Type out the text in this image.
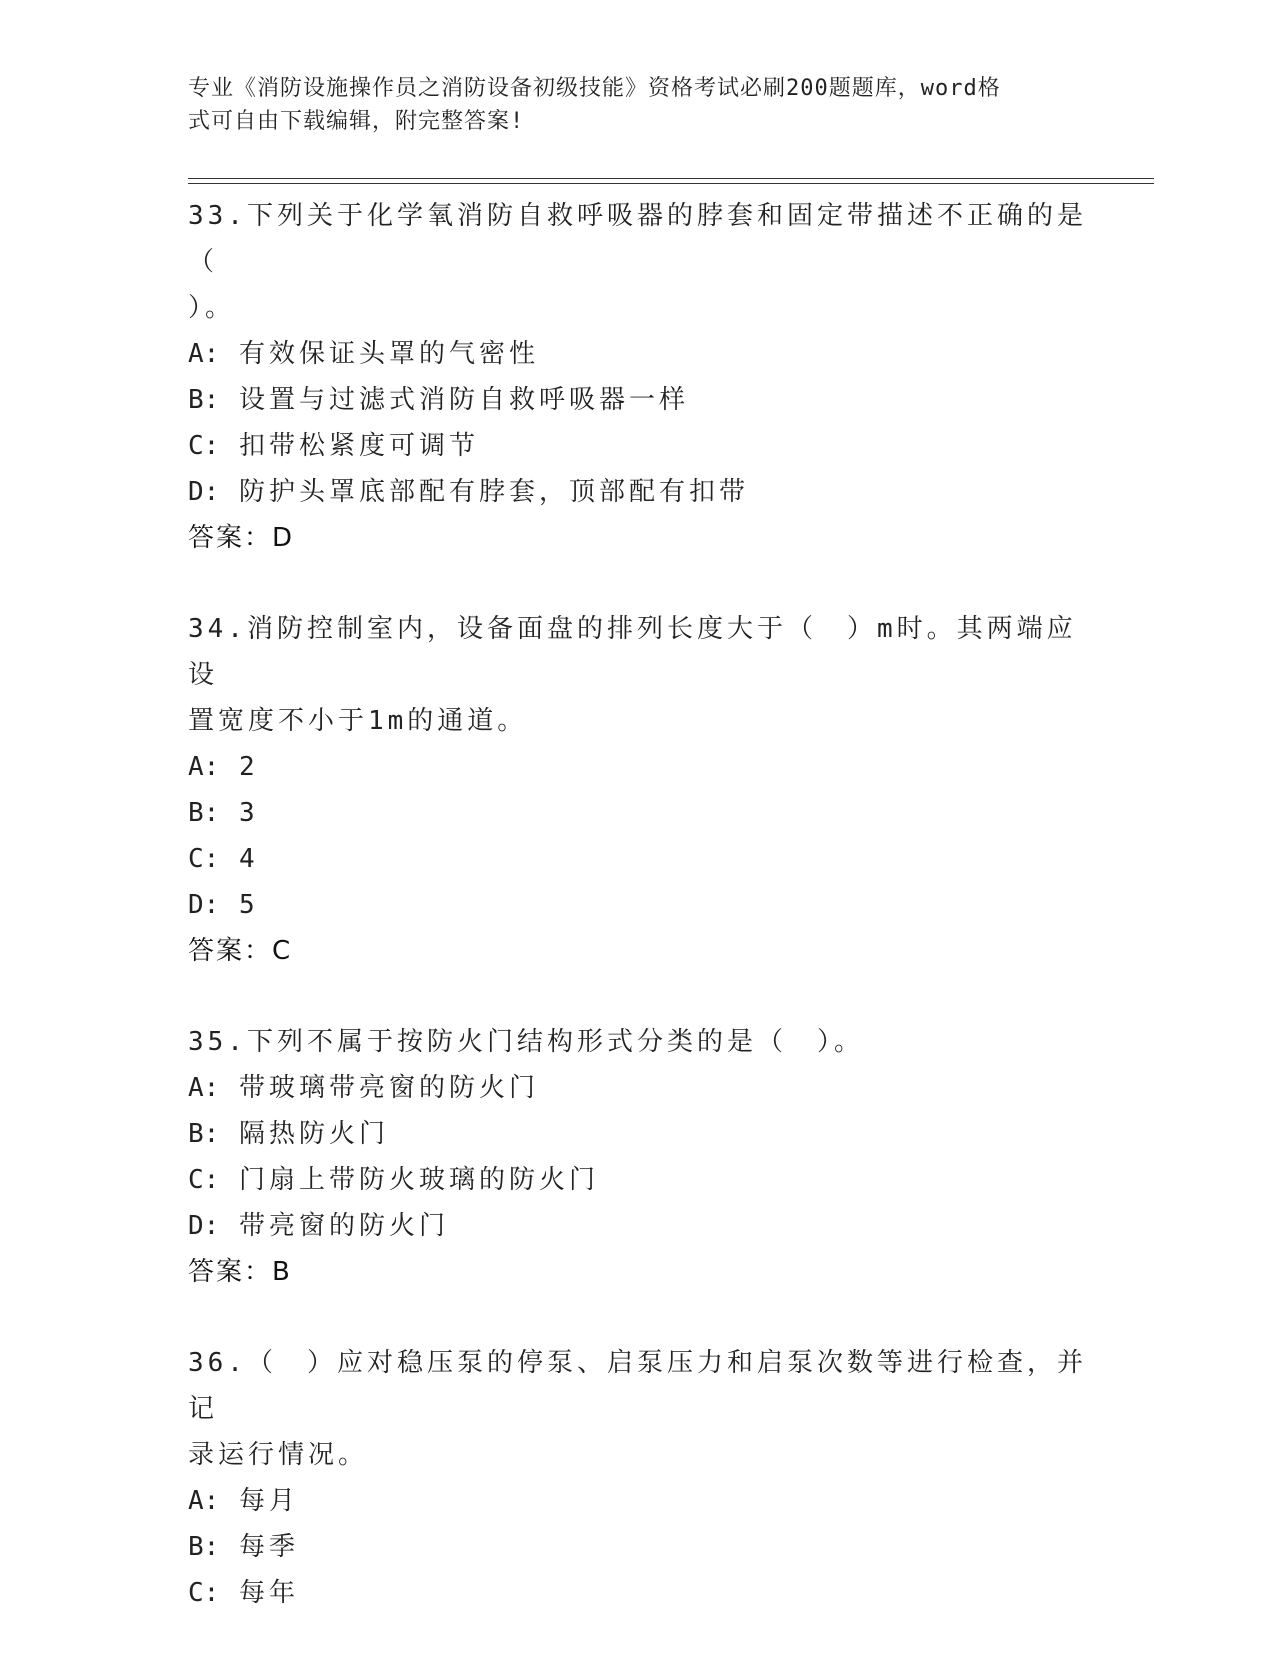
专业《消防设施操作员之消防设备初级技能》资格考试必刷200题题库，word格
式可自由下载编辑，附完整答案!
33.下列关于化学氧消防自救呼吸器的脖套和固定带描述不正确的是（
）。
A: 有效保证头罩的气密性
B: 设置与过滤式消防自救呼吸器一样
C: 扣带松紧度可调节
D: 防护头罩底部配有脖套，顶部配有扣带
答案：D
34.消防控制室内，设备面盘的排列长度大于（　）m时。其两端应设
置宽度不小于1m的通道。
A: 2
B: 3
C: 4
D: 5
答案：C
35.下列不属于按防火门结构形式分类的是（　）。
A: 带玻璃带亮窗的防火门
B: 隔热防火门
C: 门扇上带防火玻璃的防火门
D: 带亮窗的防火门
答案：B
36.（　）应对稳压泵的停泵、启泵压力和启泵次数等进行检查，并记
录运行情况。
A: 每月
B: 每季
C: 每年
